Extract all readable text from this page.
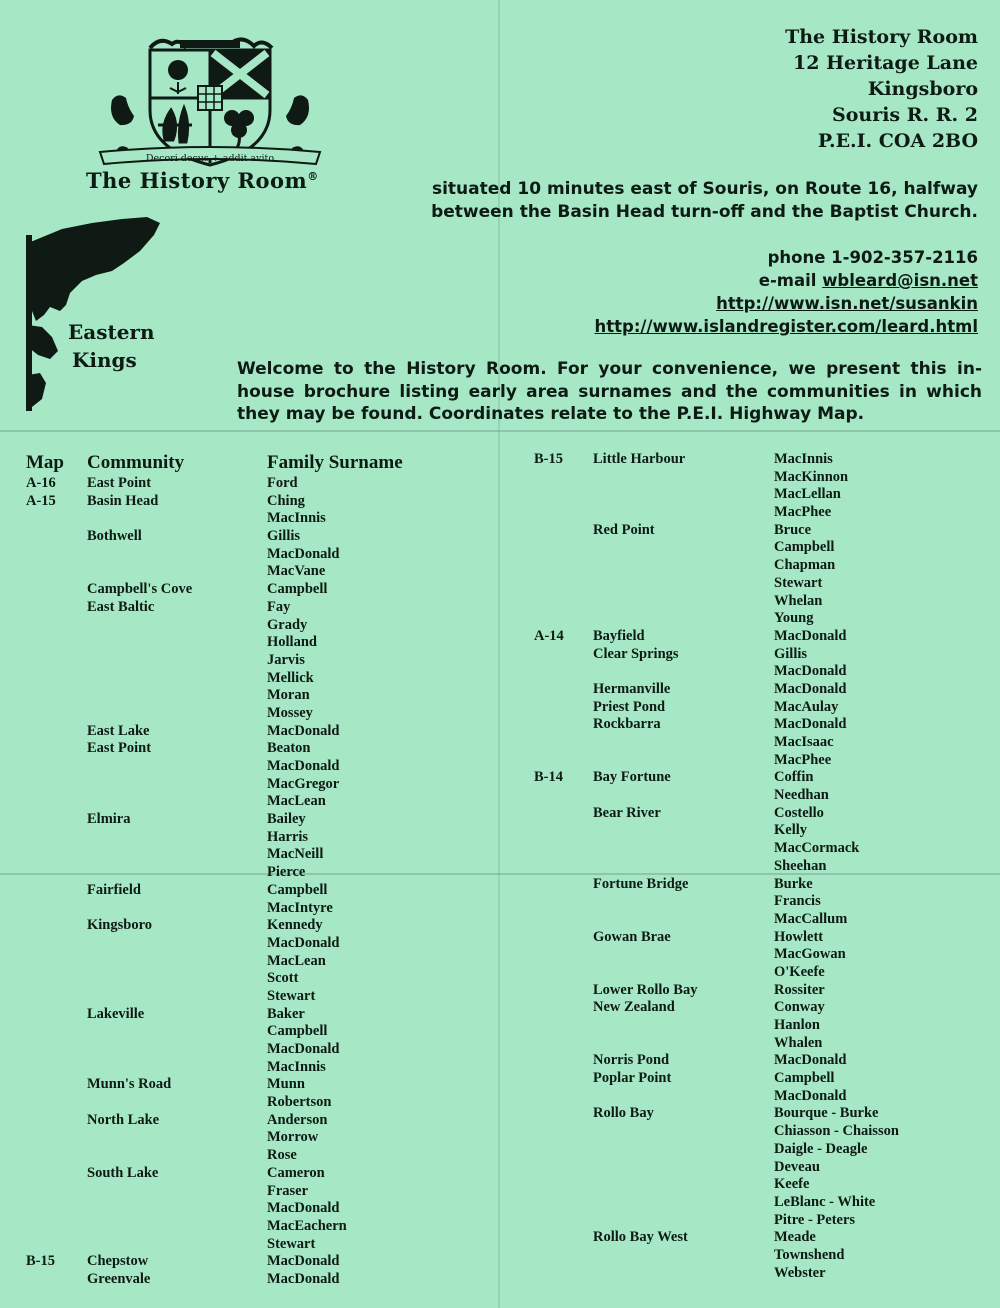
Decori decus + addit avito
The History Room®
The History Room
12 Heritage Lane
Kingsboro
Souris R. R. 2
P.E.I. COA 2BO
situated 10 minutes east of Souris, on Route 16, halfway
between the Basin Head turn-off and the Baptist Church.
phone 1-902-357-2116
e-mail wbleard@isn.net
http://www.isn.net/susankin
http://www.islandregister.com/leard.html
Eastern
Kings	Welcome to the History Room. For your convenience, we present this in-house brochure listing early area surnames and the communities in which they may be found. Coordinates relate to the P.E.I. Highway Map.
Map Community	Family Surname
A-16 East Point	Ford
A-15 Basin Head	Ching
MacInnis
Bothwell	Gillis
MacDonald
MacVane
Campbell's Cove	Campbell
East Baltic	Fay
Grady
Holland
Jarvis
Mellick
Moran
Mossey
East Lake	MacDonald
East Point	Beaton
MacDonald
MacGregor
MacLean
Elmira	Bailey
Harris
MacNeill
Pierce
Fairfield	Campbell
MacIntyre
Kingsboro	Kennedy
MacDonald
MacLean
Scott
Stewart
Lakeville	Baker
Campbell
MacDonald
MacInnis
Munn's Road	Munn
Robertson
North Lake	Anderson
Morrow
Rose
South Lake	Cameron
Fraser
MacDonald
MacEachern
Stewart
B-15 Chepstow	MacDonald
Greenvale	MacDonald
B-15 Little Harbour	MacInnis
MacKinnon
MacLellan
MacPhee
Red Point	Bruce
Campbell
Chapman
Stewart
Whelan
Young
A-14 Bayfield	MacDonald
Clear Springs	Gillis
MacDonald
Hermanville	MacDonald
Priest Pond	MacAulay
Rockbarra	MacDonald
MacIsaac
MacPhee
B-14 Bay Fortune	Coffin
Needhan
Bear River	Costello
Kelly
MacCormack
Sheehan
Fortune Bridge	Burke
Francis
MacCallum
Gowan Brae	Howlett
MacGowan
O'Keefe
Lower Rollo Bay	Rossiter
New Zealand	Conway
Hanlon
Whalen
Norris Pond	MacDonald
Poplar Point	Campbell
MacDonald
Rollo Bay	Bourque - Burke
Chiasson - Chaisson
Daigle - Deagle
Deveau
Keefe
LeBlanc - White
Pitre - Peters
Rollo Bay West	Meade
Townshend
Webster
